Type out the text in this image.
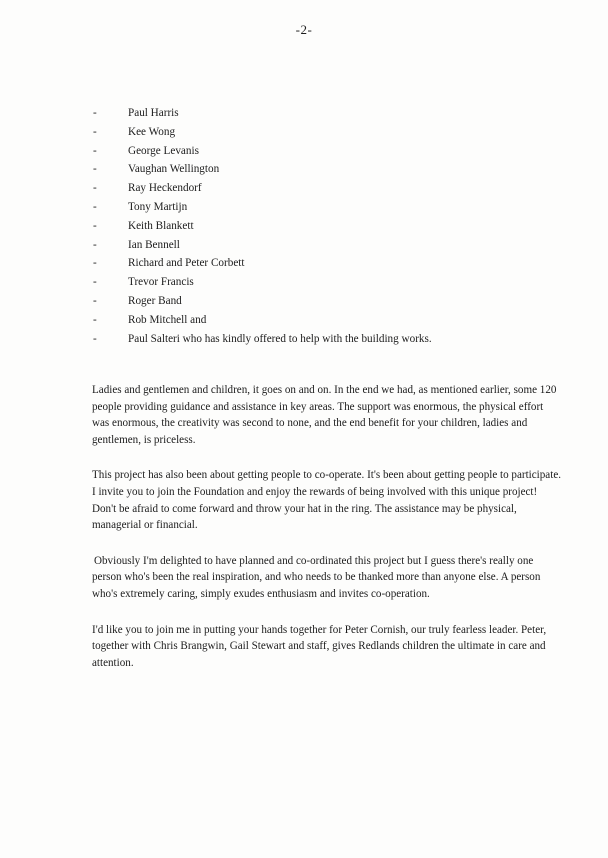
-2-
-	Paul Harris
-	Kee Wong
-	George Levanis
-	Vaughan Wellington
-	Ray Heckendorf
-	Tony Martijn
-	Keith Blankett
-	Ian Bennell
-	Richard and Peter Corbett
-	Trevor Francis
-	Roger Band
-	Rob Mitchell and
-	Paul Salteri who has kindly offered to help with the building works.

Ladies and gentlemen and children, it goes on and on. In the end we had, as mentioned earlier, some 120 people providing guidance and assistance in key areas. The support was enormous, the physical effort was enormous, the creativity was second to none, and the end benefit for your children, ladies and gentlemen, is priceless.

This project has also been about getting people to co-operate. It's been about getting people to participate. I invite you to join the Foundation and enjoy the rewards of being involved with this unique project! Don't be afraid to come forward and throw your hat in the ring. The assistance may be physical, managerial or financial.

Obviously I'm delighted to have planned and co-ordinated this project but I guess there's really one person who's been the real inspiration, and who needs to be thanked more than anyone else. A person who's extremely caring, simply exudes enthusiasm and invites co-operation.

I'd like you to join me in putting your hands together for Peter Cornish, our truly fearless leader. Peter, together with Chris Brangwin, Gail Stewart and staff, gives Redlands children the ultimate in care and attention.
